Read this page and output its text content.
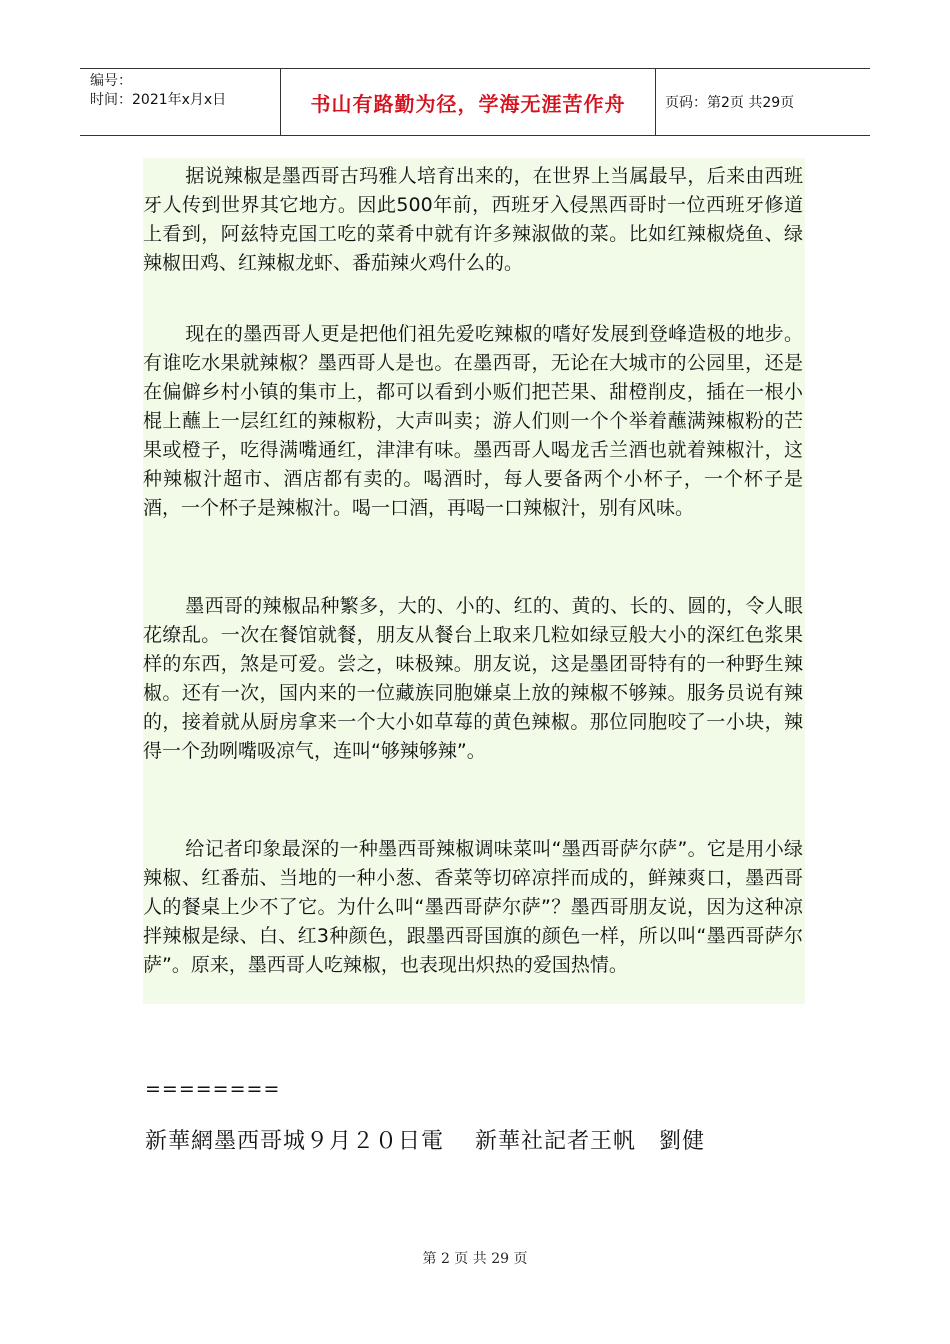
编号：
时间：2021年x月x日	书山有路勤为径，学海无涯苦作舟	页码：第2页 共29页

据说辣椒是墨西哥古玛雅人培育出来的，在世界上当属最早，后来由西班牙人传到世界其它地方。因此500年前，西班牙入侵黑西哥时一位西班牙修道上看到，阿兹特克国工吃的菜肴中就有许多辣淑做的菜。比如红辣椒烧鱼、绿辣椒田鸡、红辣椒龙虾、番茄辣火鸡什么的。

现在的墨西哥人更是把他们祖先爱吃辣椒的嗜好发展到登峰造极的地步。有谁吃水果就辣椒？墨西哥人是也。在墨西哥，无论在大城市的公园里，还是在偏僻乡村小镇的集市上，都可以看到小贩们把芒果、甜橙削皮，插在一根小棍上蘸上一层红红的辣椒粉，大声叫卖；游人们则一个个举着蘸满辣椒粉的芒果或橙子，吃得满嘴通红，津津有味。墨西哥人喝龙舌兰酒也就着辣椒汁，这种辣椒汁超市、酒店都有卖的。喝酒时，每人要备两个小杯子，一个杯子是酒，一个杯子是辣椒汁。喝一口酒，再喝一口辣椒汁，别有风味。

墨西哥的辣椒品种繁多，大的、小的、红的、黄的、长的、圆的，令人眼花缭乱。一次在餐馆就餐，朋友从餐台上取来几粒如绿豆般大小的深红色浆果样的东西，煞是可爱。尝之，味极辣。朋友说，这是墨团哥特有的一种野生辣椒。还有一次，国内来的一位藏族同胞嫌桌上放的辣椒不够辣。服务员说有辣的，接着就从厨房拿来一个大小如草莓的黄色辣椒。那位同胞咬了一小块，辣得一个劲咧嘴吸凉气，连叫“够辣够辣”。

给记者印象最深的一种墨西哥辣椒调味菜叫“墨西哥萨尔萨”。它是用小绿辣椒、红番茄、当地的一种小葱、香菜等切碎凉拌而成的，鲜辣爽口，墨西哥人的餐桌上少不了它。为什么叫“墨西哥萨尔萨”？墨西哥朋友说，因为这种凉拌辣椒是绿、白、红3种颜色，跟墨西哥国旗的颜色一样，所以叫“墨西哥萨尔萨”。原来，墨西哥人吃辣椒，也表现出炽热的爱国热情。

========
新華網墨西哥城９月２０日電　 新華社記者王帆　劉健
第 2 页 共 29 页
